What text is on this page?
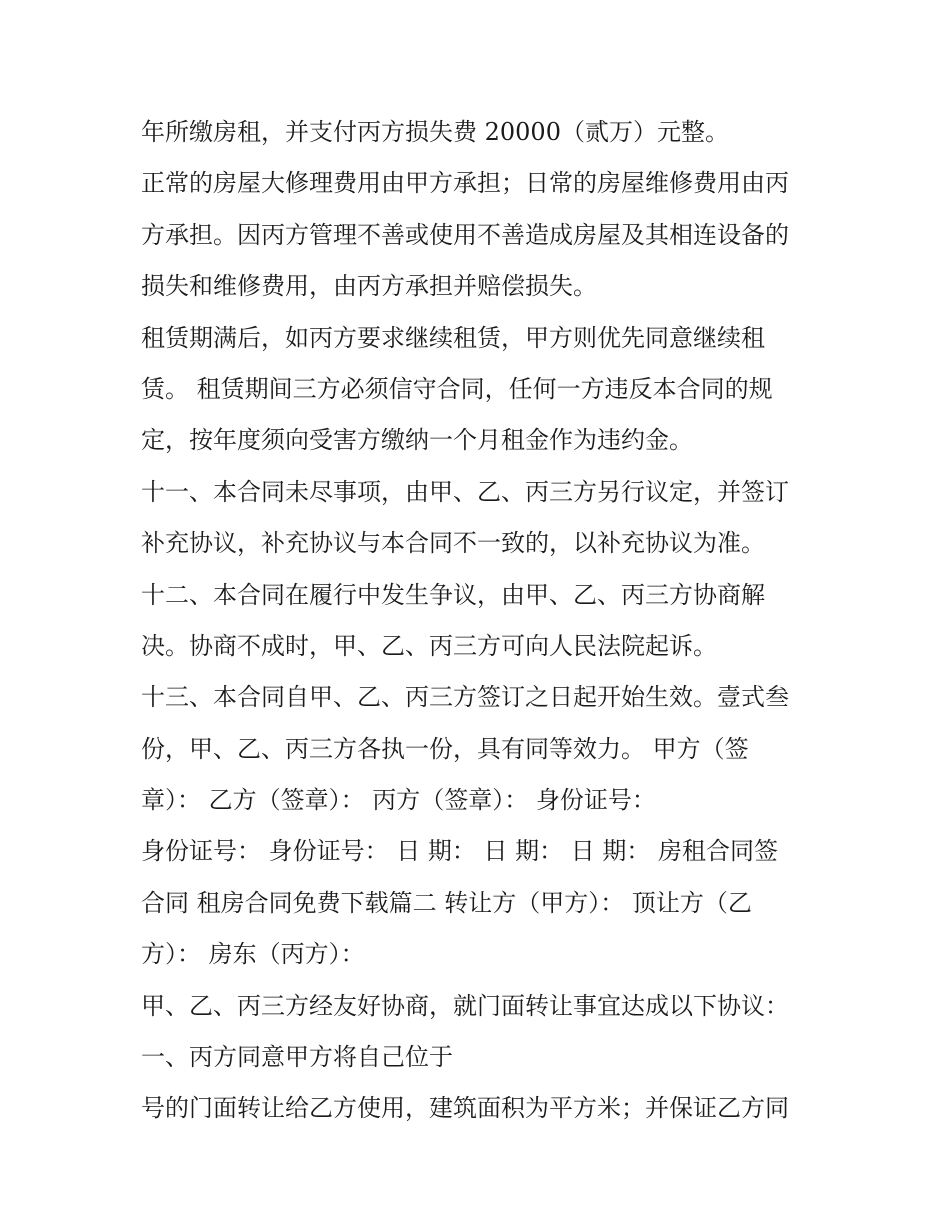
年所缴房租，并支付丙方损失费 20000（贰万）元整。
正常的房屋大修理费用由甲方承担；日常的房屋维修费用由丙
方承担。因丙方管理不善或使用不善造成房屋及其相连设备的
损失和维修费用，由丙方承担并赔偿损失。
租赁期满后，如丙方要求继续租赁，甲方则优先同意继续租
赁。 租赁期间三方必须信守合同，任何一方违反本合同的规
定，按年度须向受害方缴纳一个月租金作为违约金。
十一、本合同未尽事项，由甲、乙、丙三方另行议定，并签订
补充协议，补充协议与本合同不一致的，以补充协议为准。
十二、本合同在履行中发生争议，由甲、乙、丙三方协商解
决。协商不成时，甲、乙、丙三方可向人民法院起诉。
十三、本合同自甲、乙、丙三方签订之日起开始生效。壹式叁
份，甲、乙、丙三方各执一份，具有同等效力。 甲方（签
章）： 乙方（签章）： 丙方（签章）： 身份证号：
身份证号： 身份证号： 日 期： 日 期： 日 期： 房租合同签
合同 租房合同免费下载篇二 转让方（甲方）： 顶让方（乙
方）： 房东（丙方）：
甲、乙、丙三方经友好协商，就门面转让事宜达成以下协议：
一、丙方同意甲方将自己位于
号的门面转让给乙方使用，建筑面积为平方米；并保证乙方同
